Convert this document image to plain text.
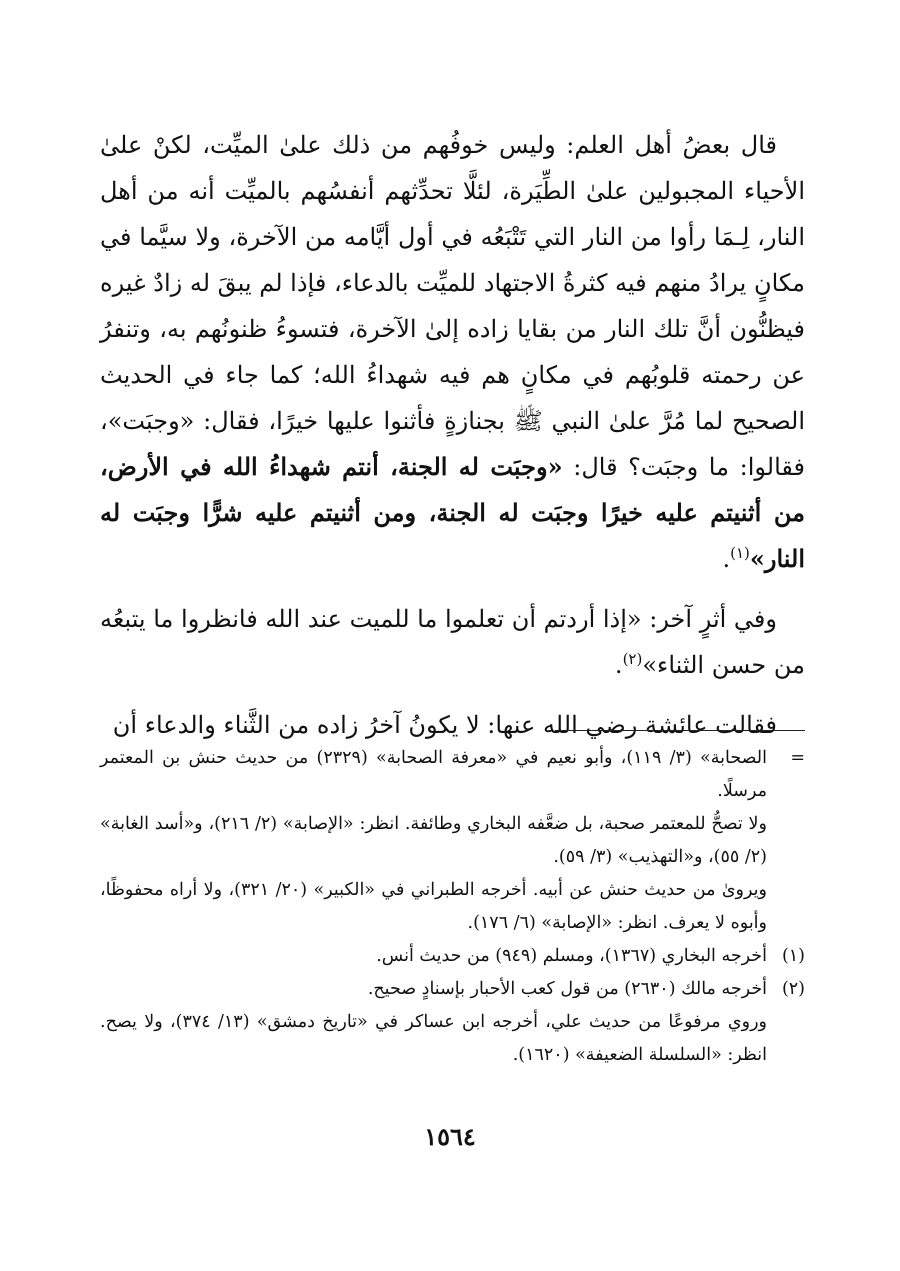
قال بعضُ أهل العلم: وليس خوفُهم من ذلك علىٰ الميِّت، لكنْ علىٰ الأحياء المجبولين علىٰ الطِّيَرة، لئلَّا تحدِّثهم أنفسُهم بالميِّت أنه من أهل النار، لِـمَا رأوا من النار التي تَتْبَعُه في أول أيَّامه من الآخرة، ولا سيَّما في مكانٍ يرادُ منهم فيه كثرةُ الاجتهاد للميِّت بالدعاء، فإذا لم يبقَ له زادٌ غيره فيظنُّون أنَّ تلك النار من بقايا زاده إلىٰ الآخرة، فتسوءُ ظنونُهم به، وتنفرُ عن رحمته قلوبُهم في مكانٍ هم فيه شهداءُ الله؛ كما جاء في الحديث الصحيح لما مُرَّ علىٰ النبي ﷺ بجنازةٍ فأثنوا عليها خيرًا، فقال: «وجبَت»، فقالوا: ما وجبَت؟ قال: «وجبَت له الجنة، أنتم شهداءُ الله في الأرض، من أثنيتم عليه خيرًا وجبَت له الجنة، ومن أثنيتم عليه شرًّا وجبَت له النار»$^{(١)}$.

وفي أثرٍ آخر: «إذا أردتم أن تعلموا ما للميت عند الله فانظروا ما يتبعُه من حسن الثناء»$^{(٢)}$.

فقالت عائشة رضي الله عنها: لا يكونُ آخرُ زاده من الثَّناء والدعاء أن

=
الصحابة» (٣/ ١١٩)، وأبو نعيم في «معرفة الصحابة» (٢٣٢٩) من حديث حنش بن المعتمر مرسلًا.
ولا تصحُّ للمعتمر صحبة، بل ضعَّفه البخاري وطائفة. انظر: «الإصابة» (٢/ ٢١٦)، و«أسد الغابة» (٢/ ٥٥)، و«التهذيب» (٣/ ٥٩).
ويروىٰ من حديث حنش عن أبيه. أخرجه الطبراني في «الكبير» (٢٠/ ٣٢١)، ولا أراه محفوظًا، وأبوه لا يعرف. انظر: «الإصابة» (٦/ ١٧٦).
(١)
أخرجه البخاري (١٣٦٧)، ومسلم (٩٤٩) من حديث أنس.
(٢)
أخرجه مالك (٢٦٣٠) من قول كعب الأحبار بإسنادٍ صحيح.
وروي مرفوعًا من حديث علي، أخرجه ابن عساكر في «تاريخ دمشق» (١٣/ ٣٧٤)، ولا يصح. انظر: «السلسلة الضعيفة» (١٦٢٠).
١٥٦٤
